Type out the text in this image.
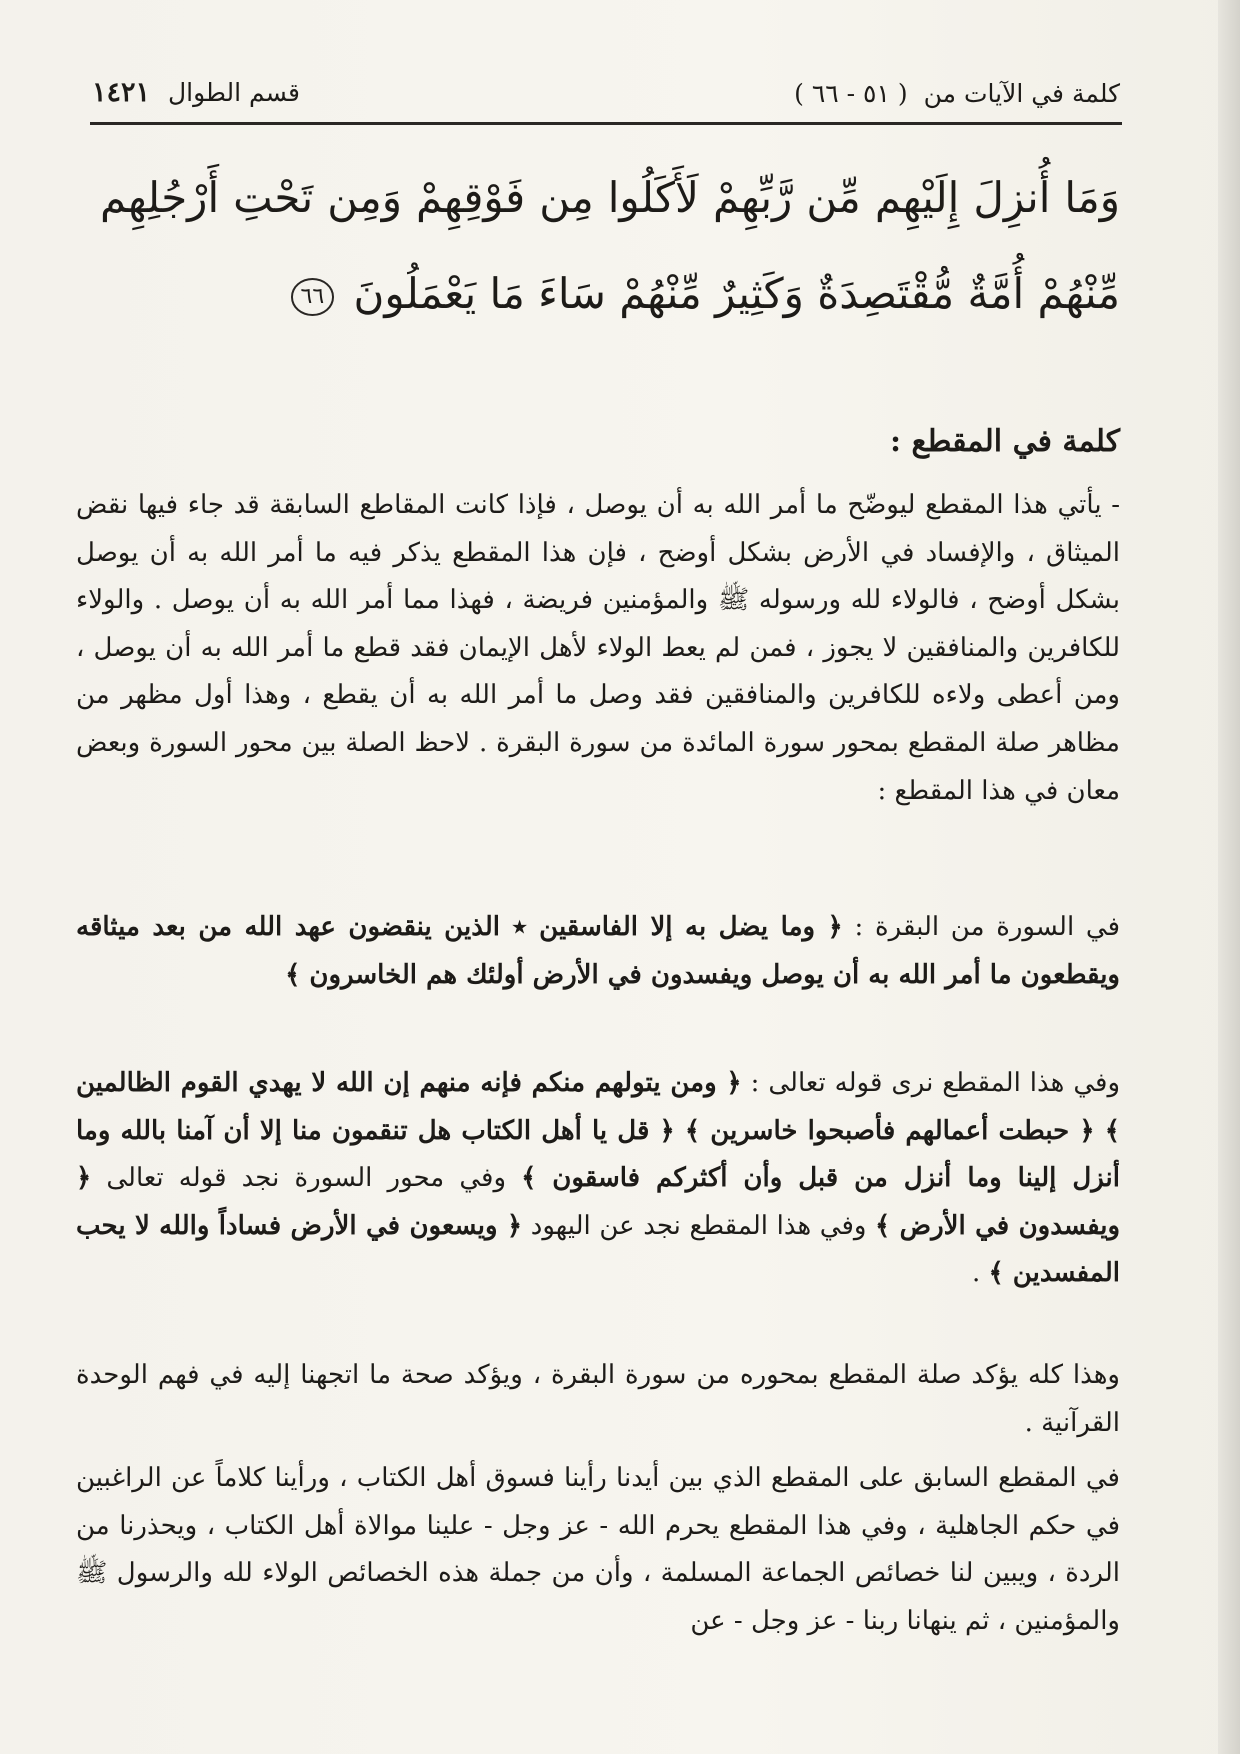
كلمة في الآيات من
( ٥١ - ٦٦ )
قسم الطوال
١٤٢١
وَمَا أُنزِلَ إِلَيْهِم مِّن رَّبِّهِمْ لَأَكَلُوا مِن فَوْقِهِمْ وَمِن تَحْتِ أَرْجُلِهِم مِّنْهُمْ أُمَّةٌ مُّقْتَصِدَةٌ وَكَثِيرٌ مِّنْهُمْ سَاءَ مَا يَعْمَلُونَ ٦٦
كلمة في المقطع :
- يأتي هذا المقطع ليوضّح ما أمر الله به أن يوصل ، فإذا كانت المقاطع السابقة قد جاء فيها نقض الميثاق ، والإفساد في الأرض بشكل أوضح ، فإن هذا المقطع يذكر فيه ما أمر الله به أن يوصل بشكل أوضح ، فالولاء لله ورسوله ﷺ والمؤمنين فريضة ، فهذا مما أمر الله به أن يوصل . والولاء للكافرين والمنافقين لا يجوز ، فمن لم يعط الولاء لأهل الإيمان فقد قطع ما أمر الله به أن يوصل ، ومن أعطى ولاءه للكافرين والمنافقين فقد وصل ما أمر الله به أن يقطع ، وهذا أول مظهر من مظاهر صلة المقطع بمحور سورة المائدة من سورة البقرة . لاحظ الصلة بين محور السورة وبعض معان في هذا المقطع :
في السورة من البقرة : ﴿ وما يضل به إلا الفاسقين ٭ الذين ينقضون عهد الله من بعد ميثاقه ويقطعون ما أمر الله به أن يوصل ويفسدون في الأرض أولئك هم الخاسرون ﴾
وفي هذا المقطع نرى قوله تعالى : ﴿ ومن يتولهم منكم فإنه منهم إن الله لا يهدي القوم الظالمين ﴾ ﴿ حبطت أعمالهم فأصبحوا خاسرين ﴾ ﴿ قل يا أهل الكتاب هل تنقمون منا إلا أن آمنا بالله وما أنزل إلينا وما أنزل من قبل وأن أكثركم فاسقون ﴾ وفي محور السورة نجد قوله تعالى ﴿ ويفسدون في الأرض ﴾ وفي هذا المقطع نجد عن اليهود ﴿ ويسعون في الأرض فساداً والله لا يحب المفسدين ﴾ .
وهذا كله يؤكد صلة المقطع بمحوره من سورة البقرة ، ويؤكد صحة ما اتجهنا إليه في فهم الوحدة القرآنية .
في المقطع السابق على المقطع الذي بين أيدنا رأينا فسوق أهل الكتاب ، ورأينا كلاماً عن الراغبين في حكم الجاهلية ، وفي هذا المقطع يحرم الله - عز وجل - علينا موالاة أهل الكتاب ، ويحذرنا من الردة ، ويبين لنا خصائص الجماعة المسلمة ، وأن من جملة هذه الخصائص الولاء لله والرسول ﷺ والمؤمنين ، ثم ينهانا ربنا - عز وجل - عن
